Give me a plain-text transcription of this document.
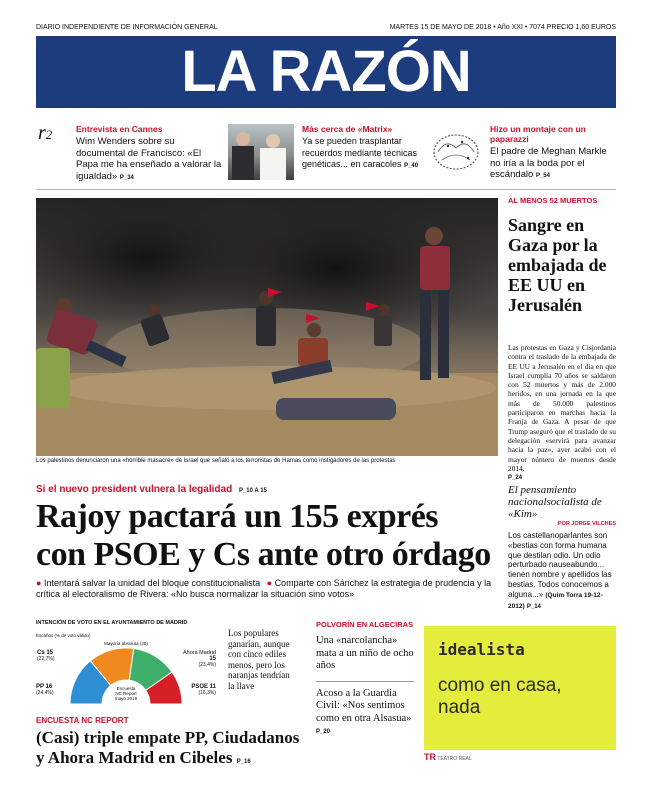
DIARIO INDEPENDIENTE DE INFORMACIÓN GENERAL	MARTES 15 DE MAYO DE 2018 • Año XXI • 7074 PRECIO 1,60 EUROS
LA RAZÓN
r2	Entrevista en Cannes
Wim Wenders sobre su documental de Francisco: «El Papa me ha enseñado a valorar la igualdad» P_34
Más cerca de «Matrix»
Ya se pueden trasplantar recuerdos mediante técnicas genéticas... en caracoles P_40
Hizo un montaje con un paparazzi
El padre de Meghan Markle no iría a la boda por el escándalo P_54
Los palestinos denunciaron una «horrible masacre» de Israel que señaló a los terroristas de Hamas como instigadores de las protestas
AL MENOS 52 MUERTOS
Sangre en Gaza por la embajada de EE UU en Jerusalén
Las protestas en Gaza y Cisjordania contra el traslado de la embajada de EE UU a Jerusalén en el día en que Israel cumplía 70 años se saldaron con 52 muertos y más de 2.000 heridos, en una jornada en la que más de 50.000 palestinos participaron en marchas hacia la Franja de Gaza. A pesar de que Trump aseguró que el traslado de su delegación «servirá para avanzar hacia la paz», ayer acabó con el mayor número de muertos desde 2014.
P_24
Si el nuevo president vulnera la legalidad P_10 A 15
Rajoy pactará un 155 exprés
con PSOE y Cs ante otro órdago
● Intentará salvar la unidad del bloque constitucionalista ● Comparte con Sánchez la estrategia de prudencia y la crítica al electoralismo de Rivera: «No busca normalizar la situación sino votos»
El pensamiento nacionalsocialista de «Kim»
POR JORGE VILCHES
Los castellanoparlantes son «bestias con forma humana que destilan odio. Un odio perturbado nauseabundo... tienen nombre y apellidos las bestias. Todos conocemos a alguna...» (Quim Torra 19-12-2012) P_14
INTENCIÓN DE VOTO EN EL AYUNTAMIENTO DE MADRID
Escaños (% de voto válido)
Mayoría absoluta (29)
Cs 15
(22,7%)
PP 16
(24,4%)
Ahora Madrid
15
(23,4%)
PSOE 11
(16,3%)
Encuesta
NC Report
mayo 2018
Los populares ganarían, aunque con cinco ediles menos, pero los naranjas tendrían la llave
ENCUESTA NC REPORT
(Casi) triple empate PP, Ciudadanos y Ahora Madrid en Cibeles P_16
POLVORÍN EN ALGECIRAS
Una «narcolancha» mata a un niño de ocho años
Acoso a la Guardia Civil: «Nos sentimos como en otra Alsasua» P_20
idealista
como en casa, nada
TR TEATRO REAL
